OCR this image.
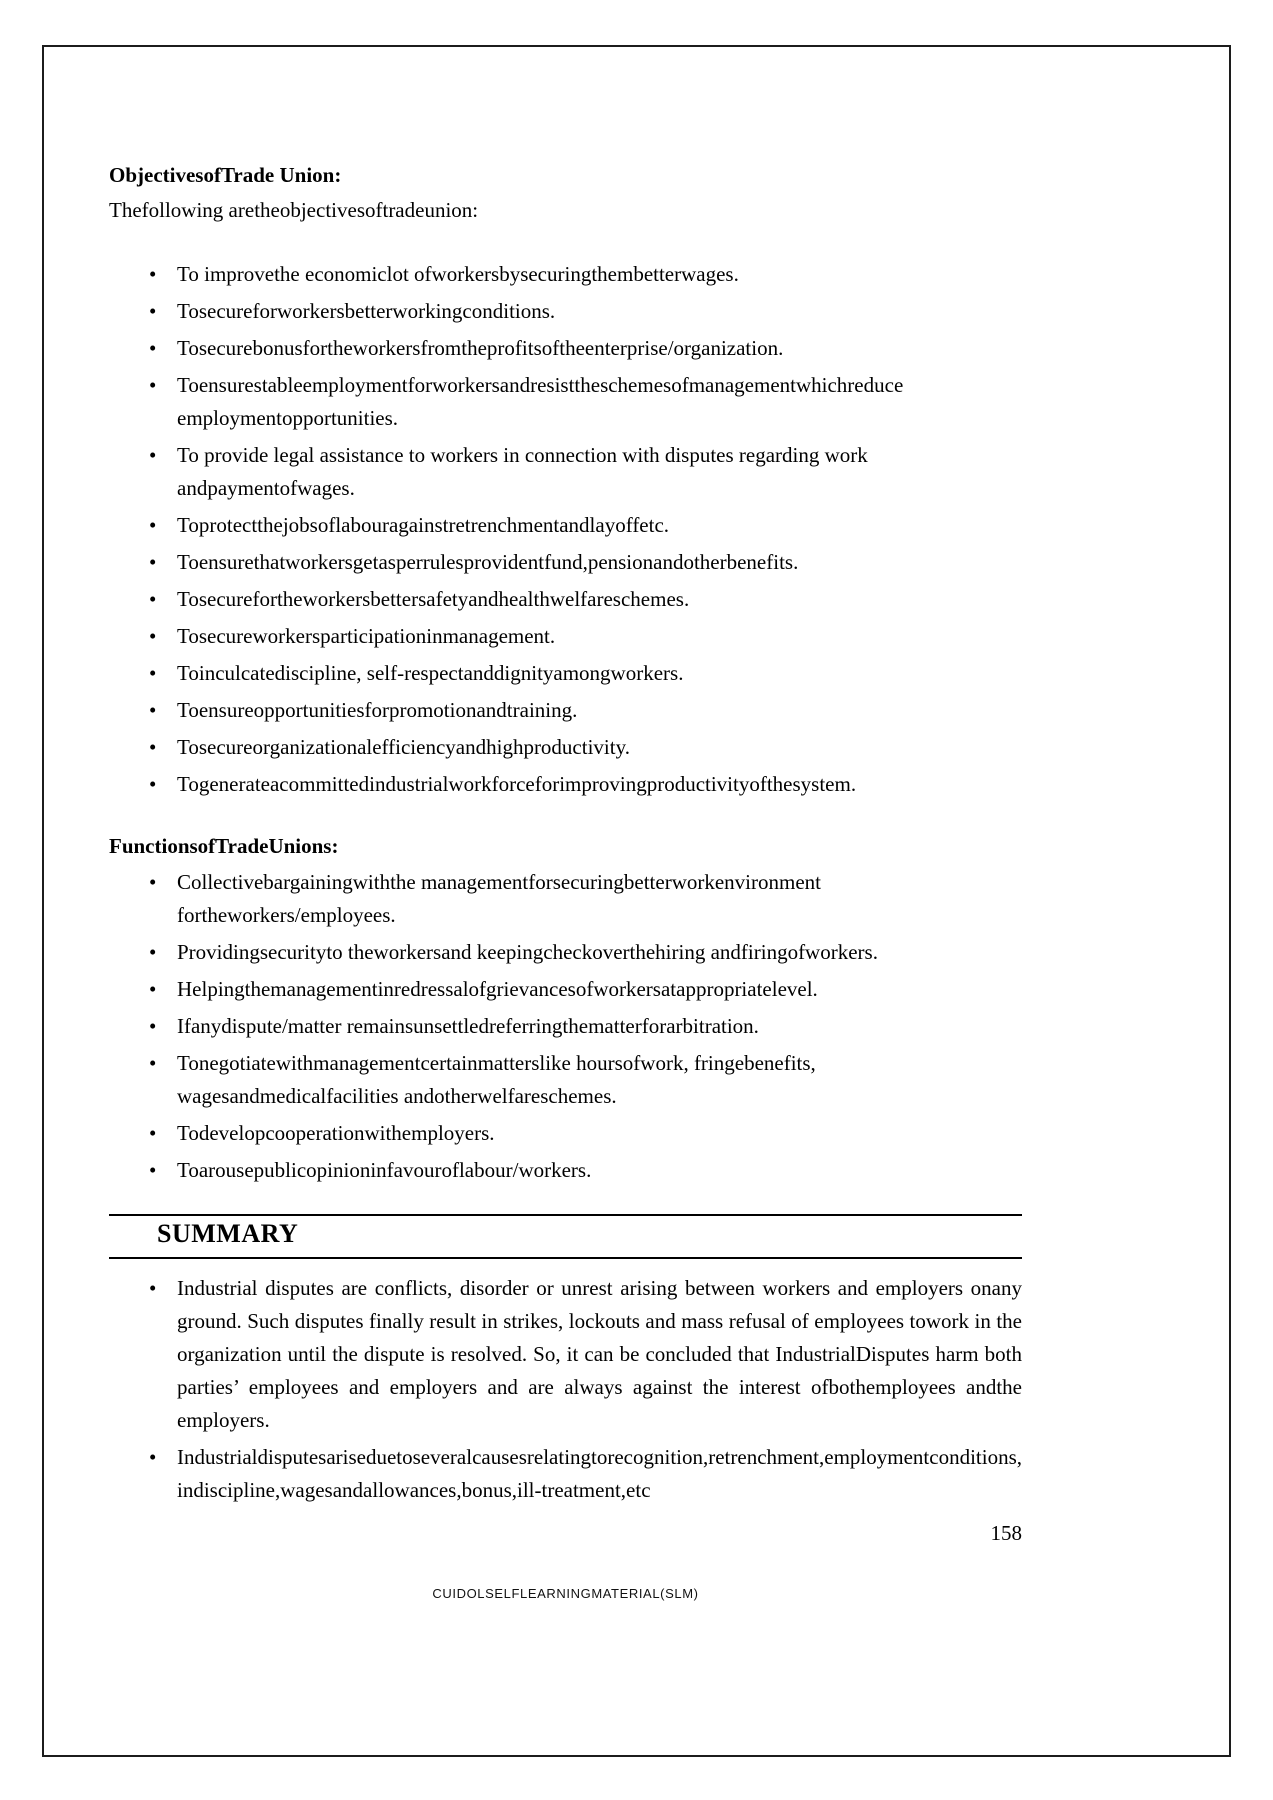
ObjectivesofTrade Union:

Thefollowing aretheobjectivesoftradeunion:

• To improvethe economiclot ofworkersbysecuringthembetterwages.
• Tosecureforworkersbetterworkingconditions.
• Tosecurebonusfortheworkersfromtheprofitsoftheenterprise/organization.
• Toensurestableemploymentforworkersandresisttheschemesofmanagementwhichreduce employmentopportunities.
• To provide legal assistance to workers in connection with disputes regarding work andpaymentofwages.
• Toprotectthejobsoflabouragainstretrenchmentandlayoffetc.
• Toensurethatworkersgetasperrulesprovidentfund,pensionandotherbenefits.
• Tosecurefortheworkersbettersafetyandhealthwelfareschemes.
• Tosecureworkersparticipationinmanagement.
• Toinculcatediscipline, self-respectanddignityamongworkers.
• Toensureopportunitiesforpromotionandtraining.
• Tosecureorganizationalefficiencyandhighproductivity.
• Togenerateacommittedindustrialworkforceforimprovingproductivityofthesystem.
FunctionsofTradeUnions:
• Collectivebargainingwiththe managementforsecuringbetterworkenvironment fortheworkers/employees.
• Providingsecurityto theworkersand keepingcheckoverthehiring andfiringofworkers.
• Helpingthemanagementinredressalofgrievancesofworkersatappropriatelevel.
• Ifanydispute/matter remainsunsettledreferringthematterforarbitration.
• Tonegotiatewithmanagementcertainmatterslike hoursofwork, fringebenefits, wagesandmedicalfacilities andotherwelfareschemes.
• Todevelopcooperationwithemployers.
• Toarousepublicopinioninfavouroflabour/workers.
SUMMARY
• Industrial disputes are conflicts, disorder or unrest arising between workers and employers onany ground. Such disputes finally result in strikes, lockouts and mass refusal of employees towork in the organization until the dispute is resolved. So, it can be concluded that IndustrialDisputes harm both parties’ employees and employers and are always against the interest ofbothemployees andthe employers.
• Industrialdisputesariseduetoseveralcausesrelatingtorecognition,retrenchment,employmentconditions,indiscipline,wagesandallowances,bonus,ill-treatment,etc
158
CUIDOLSELFLEARNINGMATERIAL(SLM)
